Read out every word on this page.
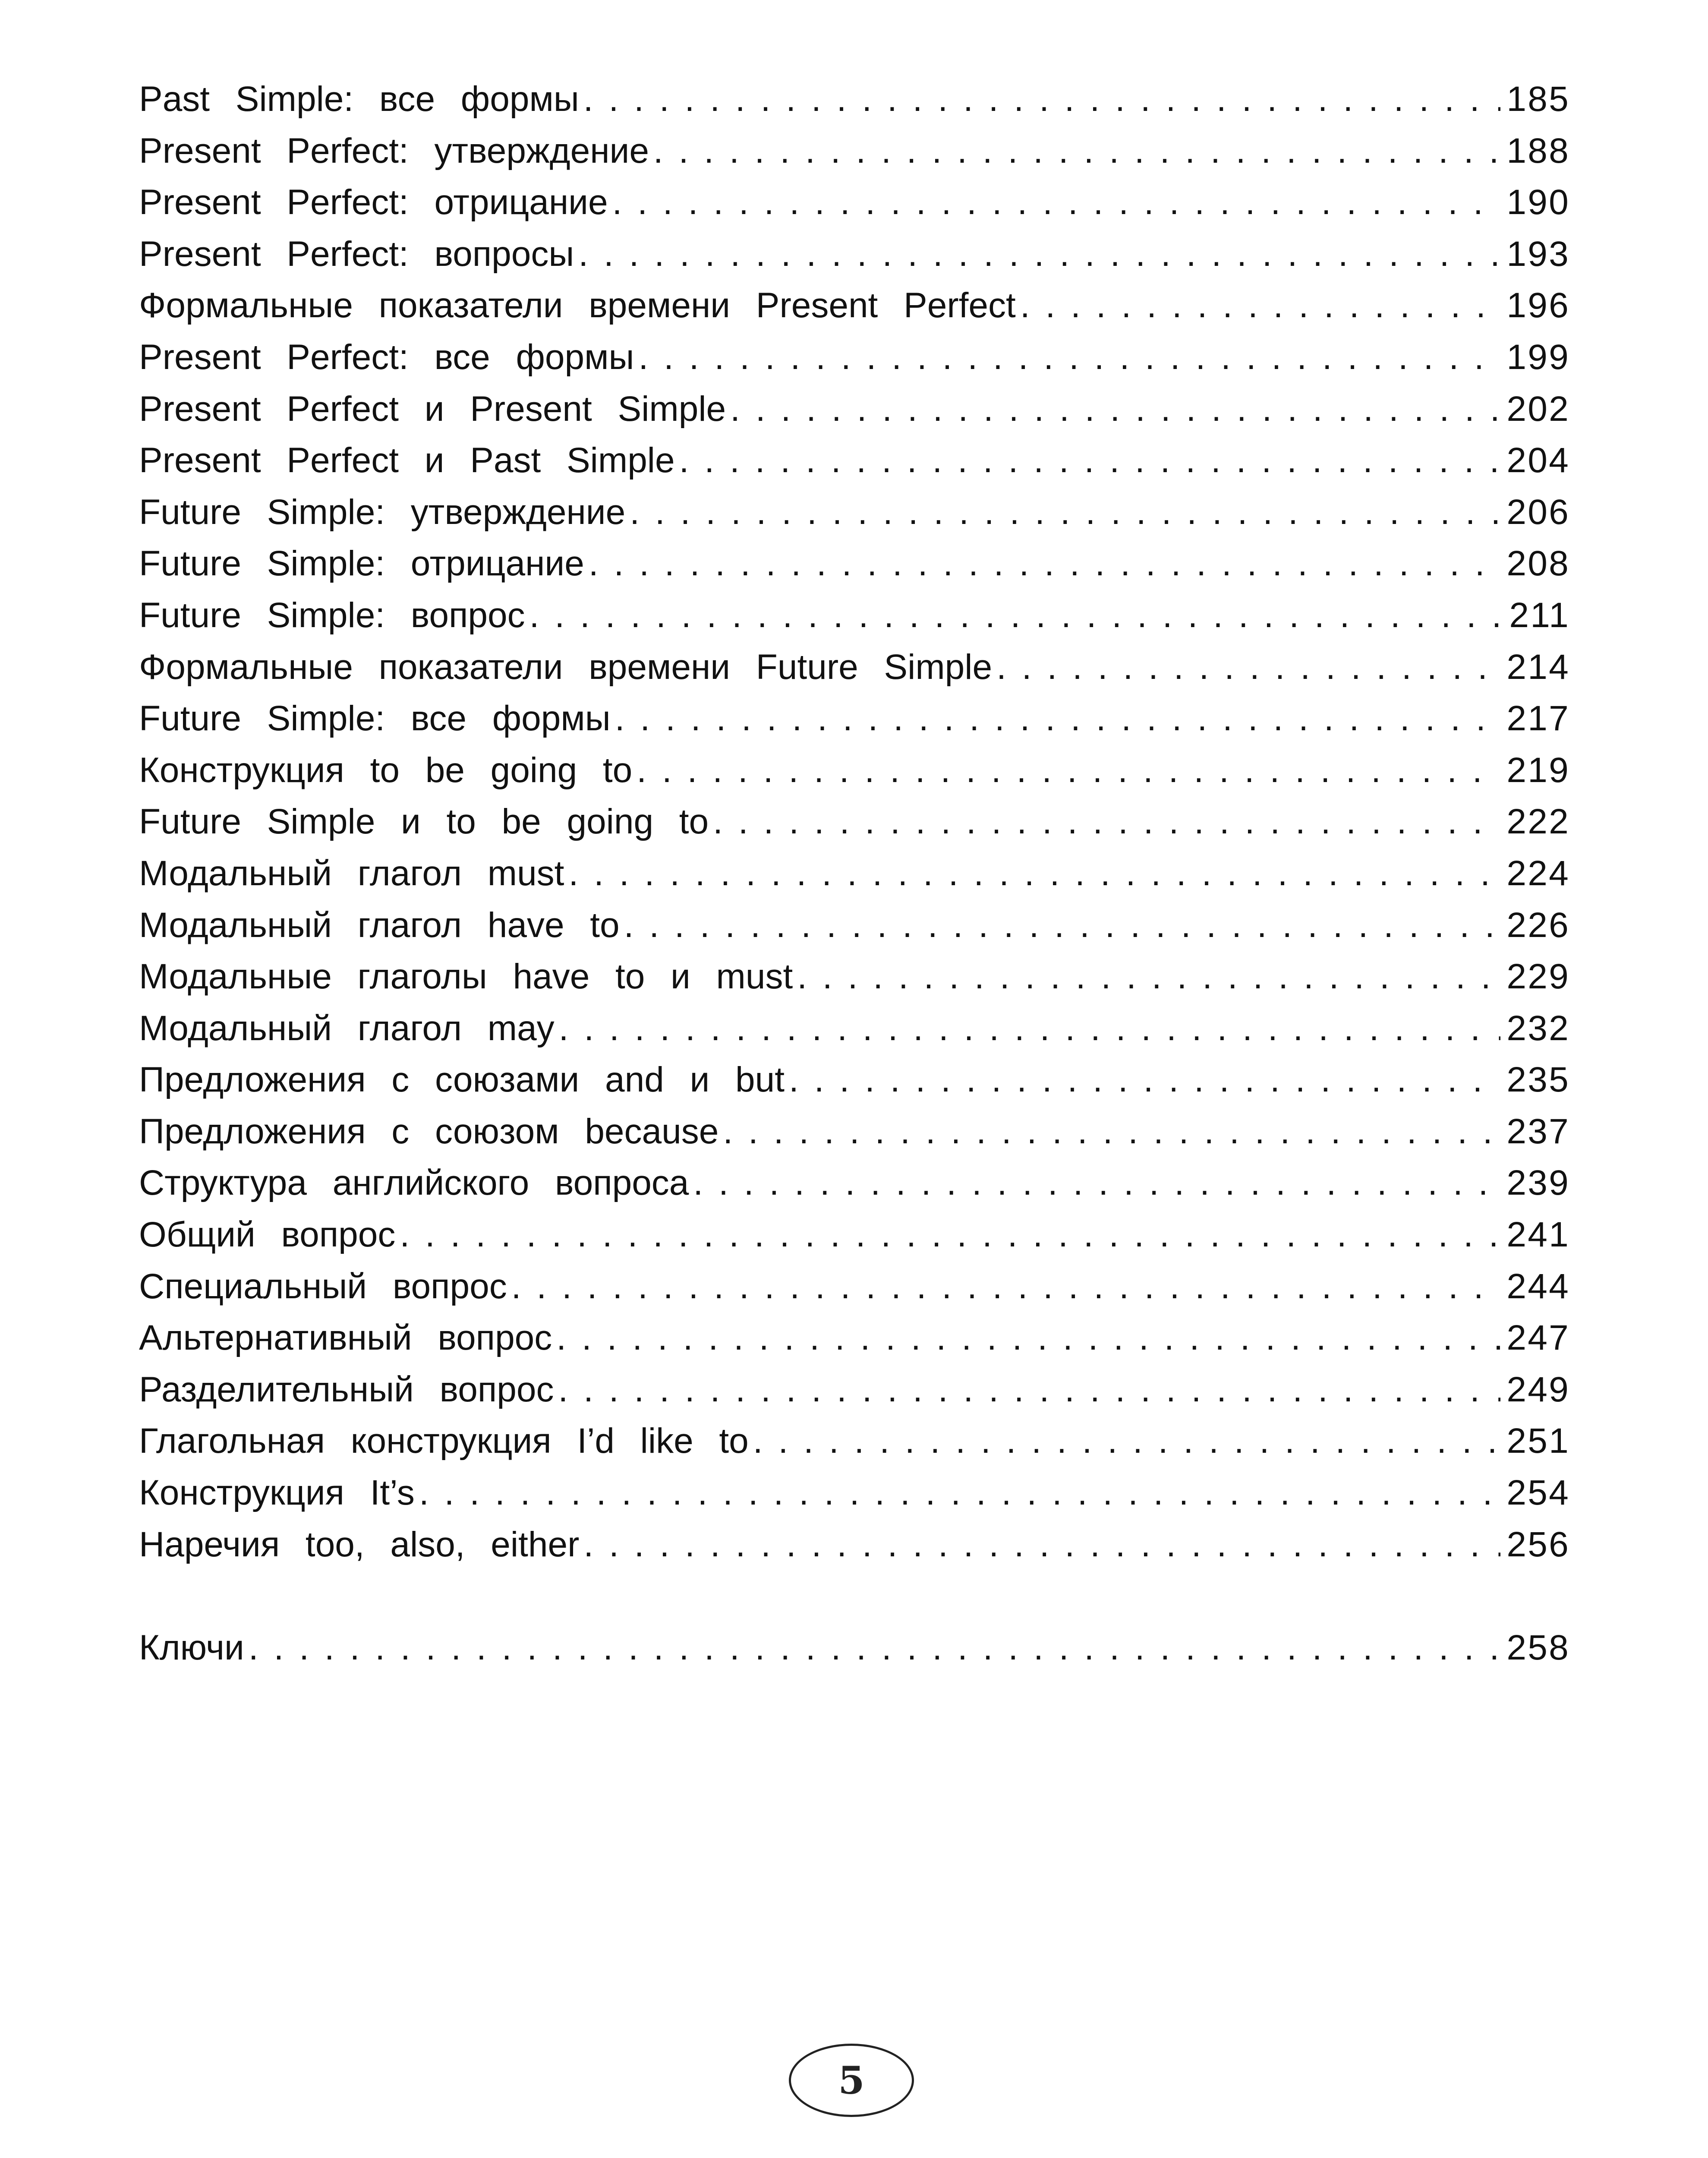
Past Simple: все формы . . .	185
Present Perfect: утверждение . . .	188
Present Perfect: отрицание . . .	190
Present Perfect: вопросы . . .	193
Формальные показатели времени Present Perfect . . .	196
Present Perfect: все формы . . .	199
Present Perfect и Present Simple . . .	202
Present Perfect и Past Simple . . .	204
Future Simple: утверждение . . .	206
Future Simple: отрицание . . .	208
Future Simple: вопрос . . .	211
Формальные показатели времени Future Simple . . .	214
Future Simple: все формы . . .	217
Конструкция to be going to . . .	219
Future Simple и to be going to . . .	222
Модальный глагол must . . .	224
Модальный глагол have to . . .	226
Модальные глаголы have to и must . . .	229
Модальный глагол may . . .	232
Предложения с союзами and и but . . .	235
Предложения с союзом because . . .	237
Структура английского вопроса . . .	239
Общий вопрос . . .	241
Специальный вопрос . . .	244
Альтернативный вопрос . . .	247
Разделительный вопрос . . .	249
Глагольная конструкция I’d like to . . .	251
Конструкция It’s . . .	254
Наречия too, also, either . . .	256
Ключи . . .	258
5
